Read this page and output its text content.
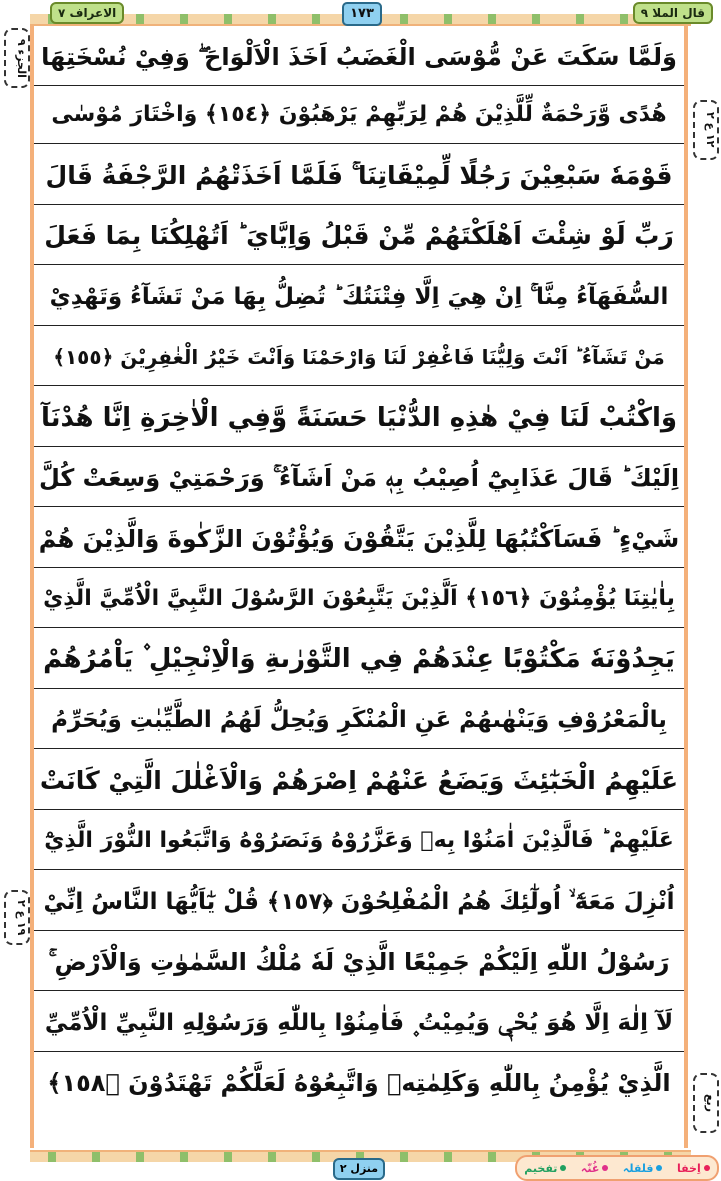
الاعراف ٧	١٧٣	قال الملا ٩
الجزء ٩
١٢ ع ٢
١٩ ع ٢
ربع
وَلَمَّا سَكَتَ عَنْ مُّوْسَى الْغَضَبُ اَخَذَ الْاَلْوَاحَ ۖ وَفِيْ نُسْخَتِهَا
هُدًى وَّرَحْمَةٌ لِّلَّذِيْنَ هُمْ لِرَبِّهِمْ يَرْهَبُوْنَ ﴿١٥٤﴾ وَاخْتَارَ مُوْسٰى
قَوْمَهٗ سَبْعِيْنَ رَجُلًا لِّمِيْقَاتِنَا ۚ فَلَمَّا اَخَذَتْهُمُ الرَّجْفَةُ قَالَ
رَبِّ لَوْ شِئْتَ اَهْلَكْتَهُمْ مِّنْ قَبْلُ وَاِيَّايَ ؕ اَتُهْلِكُنَا بِمَا فَعَلَ
السُّفَهَآءُ مِنَّا ۚ اِنْ هِيَ اِلَّا فِتْنَتُكَ ؕ تُضِلُّ بِهَا مَنْ تَشَآءُ وَتَهْدِيْ
مَنْ تَشَآءُ ؕ اَنْتَ وَلِيُّنَا فَاغْفِرْ لَنَا وَارْحَمْنَا وَاَنْتَ خَيْرُ الْغٰفِرِيْنَ ﴿١٥٥﴾
وَاكْتُبْ لَنَا فِيْ هٰذِهِ الدُّنْيَا حَسَنَةً وَّفِي الْاٰخِرَةِ اِنَّا هُدْنَآ
اِلَيْكَ ؕ قَالَ عَذَابِيْٓ اُصِيْبُ بِهٖ مَنْ اَشَآءُ ۚ وَرَحْمَتِيْ وَسِعَتْ كُلَّ
شَيْءٍ ؕ فَسَاَكْتُبُهَا لِلَّذِيْنَ يَتَّقُوْنَ وَيُؤْتُوْنَ الزَّكٰوةَ وَالَّذِيْنَ هُمْ
بِاٰيٰتِنَا يُؤْمِنُوْنَ ﴿١٥٦﴾ اَلَّذِيْنَ يَتَّبِعُوْنَ الرَّسُوْلَ النَّبِيَّ الْاُمِّيَّ الَّذِيْ
يَجِدُوْنَهٗ مَكْتُوْبًا عِنْدَهُمْ فِي التَّوْرٰىةِ وَالْاِنْجِيْلِ ۫ يَاْمُرُهُمْ
بِالْمَعْرُوْفِ وَيَنْهٰىهُمْ عَنِ الْمُنْكَرِ وَيُحِلُّ لَهُمُ الطَّيِّبٰتِ وَيُحَرِّمُ
عَلَيْهِمُ الْخَبٰٓئِثَ وَيَضَعُ عَنْهُمْ اِصْرَهُمْ وَالْاَغْلٰلَ الَّتِيْ كَانَتْ
عَلَيْهِمْ ؕ فَالَّذِيْنَ اٰمَنُوْا بِهٖ وَعَزَّرُوْهُ وَنَصَرُوْهُ وَاتَّبَعُوا النُّوْرَ الَّذِيْٓ
اُنْزِلَ مَعَهٗٓ ۙ اُولٰٓئِكَ هُمُ الْمُفْلِحُوْنَ ﴿١٥٧﴾ قُلْ يٰٓاَيُّهَا النَّاسُ اِنِّيْ
رَسُوْلُ اللّٰهِ اِلَيْكُمْ جَمِيْعًا الَّذِيْ لَهٗ مُلْكُ السَّمٰوٰتِ وَالْاَرْضِ ۚ
لَآ اِلٰهَ اِلَّا هُوَ يُحْيٖ وَيُمِيْتُ ۪ فَاٰمِنُوْا بِاللّٰهِ وَرَسُوْلِهِ النَّبِيِّ الْاُمِّيِّ
الَّذِيْ يُؤْمِنُ بِاللّٰهِ وَكَلِمٰتِهٖ وَاتَّبِعُوْهُ لَعَلَّكُمْ تَهْتَدُوْنَ ﴿١٥٨﴾
منزل ٢	اِخفا
قلقلہ
غُنّہ
تفخیم
